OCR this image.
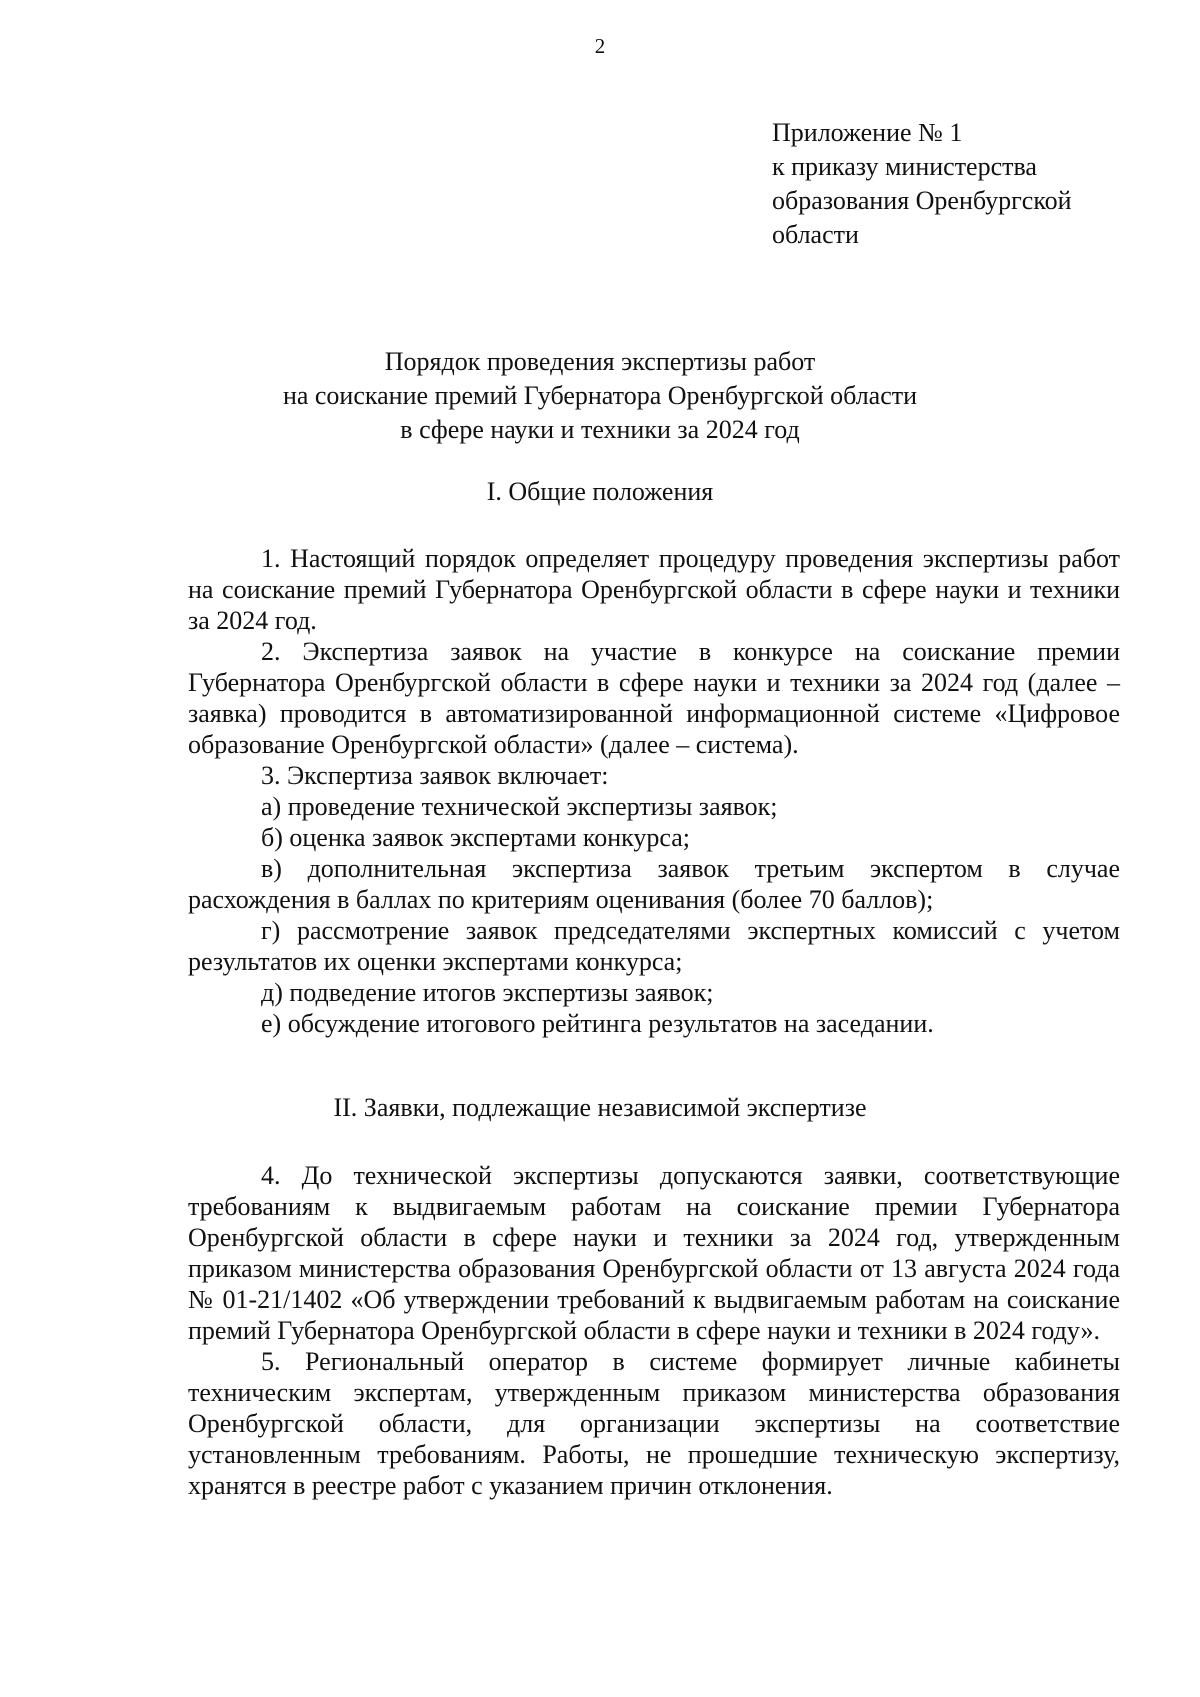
2
Приложение № 1
к приказу министерства
образования Оренбургской
области
Порядок проведения экспертизы работ
на соискание премий Губернатора Оренбургской области
в сфере науки и техники за 2024 год
I. Общие положения

1. Настоящий порядок определяет процедуру проведения экспертизы работ на соискание премий Губернатора Оренбургской области в сфере науки и техники за 2024 год.

2. Экспертиза заявок на участие в конкурсе на соискание премии Губернатора Оренбургской области в сфере науки и техники за 2024 год (далее – заявка) проводится в автоматизированной информационной системе «Цифровое образование Оренбургской области» (далее – система).

3. Экспертиза заявок включает:

а) проведение технической экспертизы заявок;

б) оценка заявок экспертами конкурса;

в) дополнительная экспертиза заявок третьим экспертом в случае расхождения в баллах по критериям оценивания (более 70 баллов);

г) рассмотрение заявок председателями экспертных комиссий с учетом результатов их оценки экспертами конкурса;

д) подведение итогов экспертизы заявок;

е) обсуждение итогового рейтинга результатов на заседании.

II. Заявки, подлежащие независимой экспертизе

4. До технической экспертизы допускаются заявки, соответствующие требованиям к выдвигаемым работам на соискание премии Губернатора Оренбургской области в сфере науки и техники за 2024 год, утвержденным приказом министерства образования Оренбургской области от 13 августа 2024 года № 01-21/1402 «Об утверждении требований к выдвигаемым работам на соискание премий Губернатора Оренбургской области в сфере науки и техники в 2024 году».

5. Региональный оператор в системе формирует личные кабинеты техническим экспертам, утвержденным приказом министерства образования Оренбургской области, для организации экспертизы на соответствие установленным требованиям. Работы, не прошедшие техническую экспертизу, хранятся в реестре работ с указанием причин отклонения.
